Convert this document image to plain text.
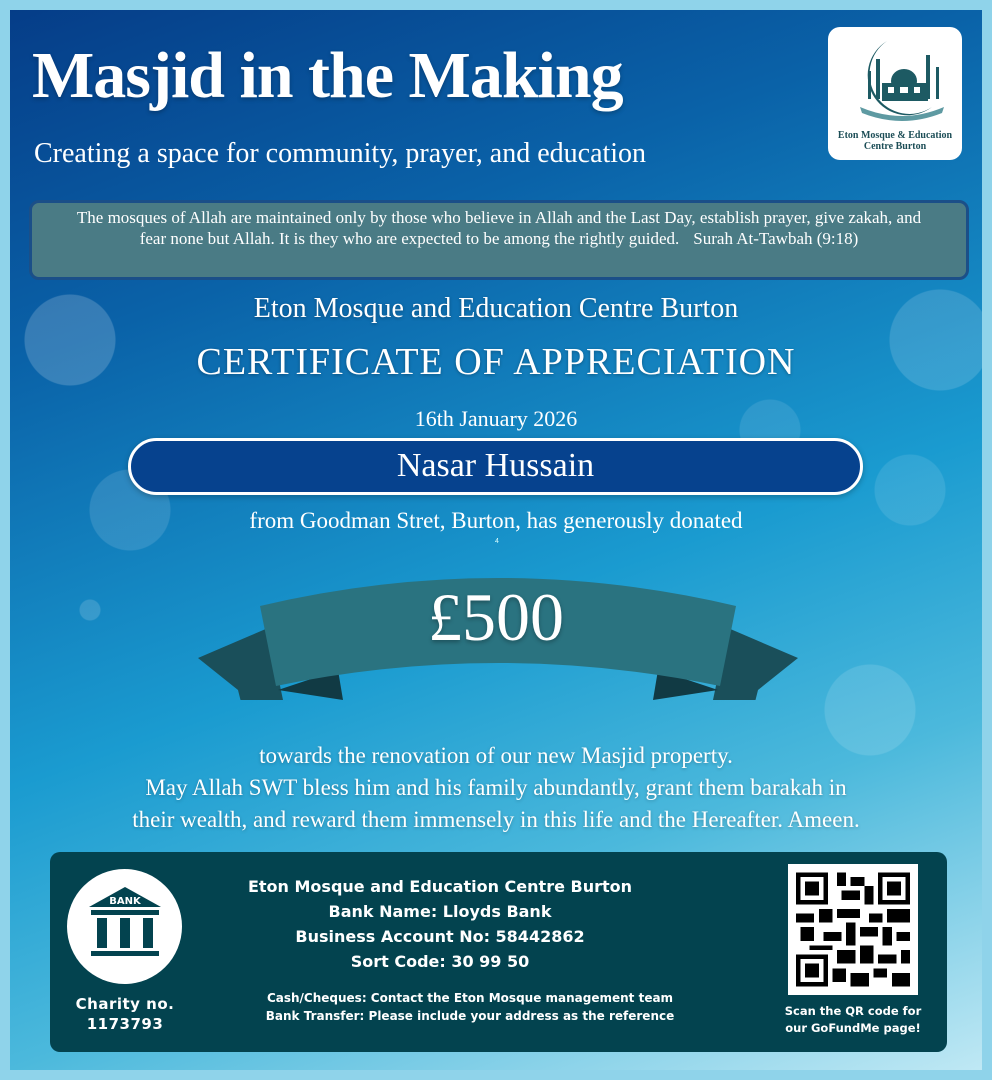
Masjid in the Making
Creating a space for community, prayer, and education
Eton Mosque & Education
Centre Burton
The mosques of Allah are maintained only by those who believe in Allah and the Last Day, establish prayer, give zakah, and fear none but Allah. It is they who are expected to be among the rightly guided. Surah At-Tawbah (9:18)
Eton Mosque and Education Centre Burton
CERTIFICATE OF APPRECIATION
16th January 2026
Nasar Hussain
from Goodman Stret, Burton, has generously donated
4
£500
towards the renovation of our new Masjid property.
May Allah SWT bless him and his family abundantly, grant them barakah in
their wealth, and reward them immensely in this life and the Hereafter. Ameen.
BANK
Charity no.
1173793
Eton Mosque and Education Centre Burton
Bank Name: Lloyds Bank
Business Account No: 58442862
Sort Code: 30 99 50
Cash/Cheques: Contact the Eton Mosque management team
Bank Transfer: Please include your address as the reference	Scan the QR code for
our GoFundMe page!
